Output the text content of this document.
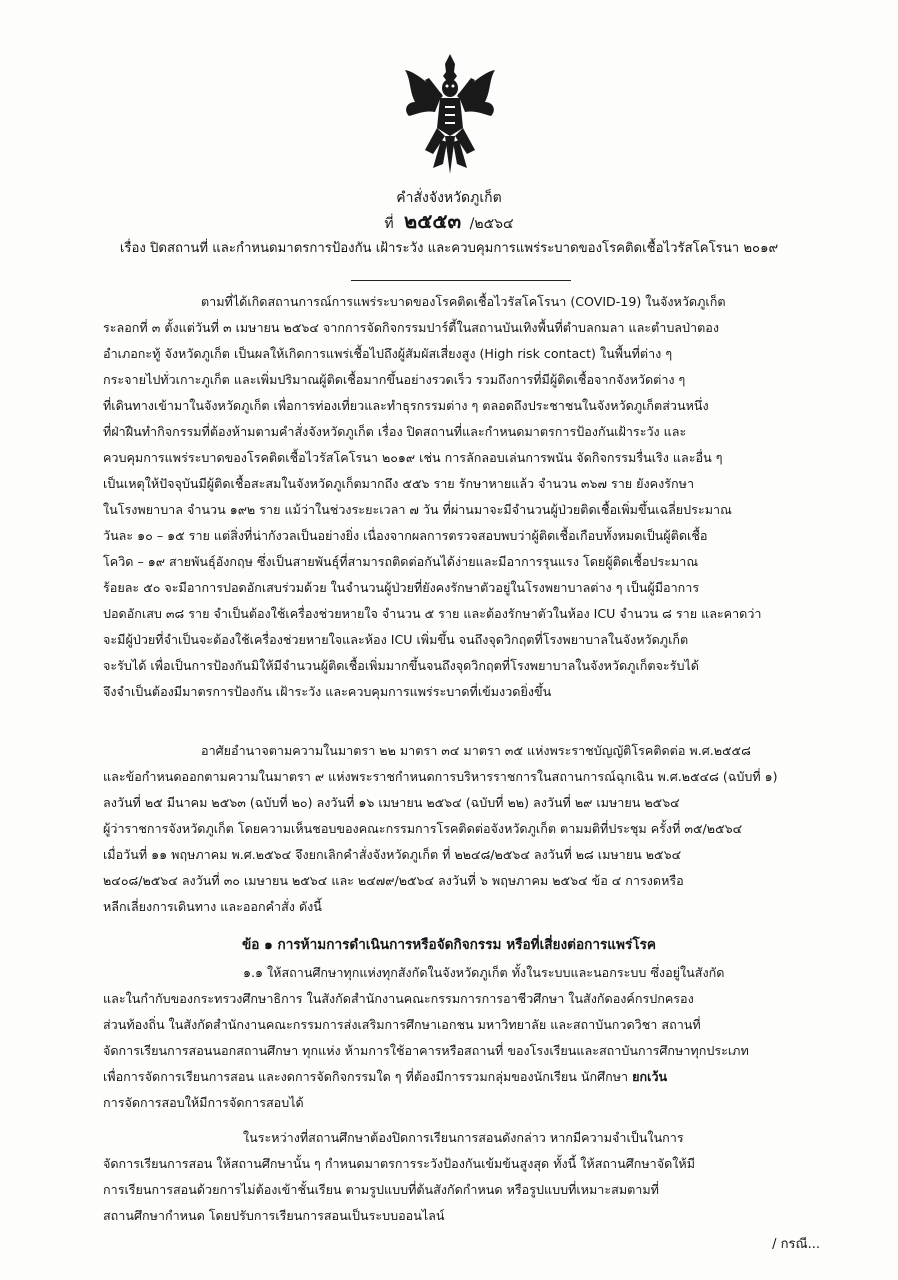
คำสั่งจังหวัดภูเก็ต
ที่ ๒๕๕๓ /๒๕๖๔
เรื่อง ปิดสถานที่ และกำหนดมาตรการป้องกัน เฝ้าระวัง และควบคุมการแพร่ระบาดของโรคติดเชื้อไวรัสโคโรนา ๒๐๑๙
ตามที่ได้เกิดสถานการณ์การแพร่ระบาดของโรคติดเชื้อไวรัสโคโรนา (COVID-19) ในจังหวัดภูเก็ต
ระลอกที่ ๓ ตั้งแต่วันที่ ๓ เมษายน ๒๕๖๔ จากการจัดกิจกรรมปาร์ตี้ในสถานบันเทิงพื้นที่ตำบลกมลา และตำบลป่าตอง
อำเภอกะทู้ จังหวัดภูเก็ต เป็นผลให้เกิดการแพร่เชื้อไปถึงผู้สัมผัสเสี่ยงสูง (High risk contact) ในพื้นที่ต่าง ๆ
กระจายไปทั่วเกาะภูเก็ต และเพิ่มปริมาณผู้ติดเชื้อมากขึ้นอย่างรวดเร็ว รวมถึงการที่มีผู้ติดเชื้อจากจังหวัดต่าง ๆ
ที่เดินทางเข้ามาในจังหวัดภูเก็ต เพื่อการท่องเที่ยวและทำธุรกรรมต่าง ๆ ตลอดถึงประชาชนในจังหวัดภูเก็ตส่วนหนึ่ง
ที่ฝ่าฝืนทำกิจกรรมที่ต้องห้ามตามคำสั่งจังหวัดภูเก็ต เรื่อง ปิดสถานที่และกำหนดมาตรการป้องกันเฝ้าระวัง และ
ควบคุมการแพร่ระบาดของโรคติดเชื้อไวรัสโคโรนา ๒๐๑๙ เช่น การลักลอบเล่นการพนัน จัดกิจกรรมรื่นเริง และอื่น ๆ
เป็นเหตุให้ปัจจุบันมีผู้ติดเชื้อสะสมในจังหวัดภูเก็ตมากถึง ๕๕๖ ราย รักษาหายแล้ว จำนวน ๓๖๗ ราย ยังคงรักษา
ในโรงพยาบาล จำนวน ๑๙๒ ราย แม้ว่าในช่วงระยะเวลา ๗ วัน ที่ผ่านมาจะมีจำนวนผู้ป่วยติดเชื้อเพิ่มขึ้นเฉลี่ยประมาณ
วันละ ๑๐ – ๑๕ ราย แต่สิ่งที่น่ากังวลเป็นอย่างยิ่ง เนื่องจากผลการตรวจสอบพบว่าผู้ติดเชื้อเกือบทั้งหมดเป็นผู้ติดเชื้อ
โควิด – ๑๙ สายพันธุ์อังกฤษ ซึ่งเป็นสายพันธุ์ที่สามารถติดต่อกันได้ง่ายและมีอาการรุนแรง โดยผู้ติดเชื้อประมาณ
ร้อยละ ๕๐ จะมีอาการปอดอักเสบร่วมด้วย ในจำนวนผู้ป่วยที่ยังคงรักษาตัวอยู่ในโรงพยาบาลต่าง ๆ เป็นผู้มีอาการ
ปอดอักเสบ ๓๘ ราย จำเป็นต้องใช้เครื่องช่วยหายใจ จำนวน ๕ ราย และต้องรักษาตัวในห้อง ICU จำนวน ๘ ราย และคาดว่า
จะมีผู้ป่วยที่จำเป็นจะต้องใช้เครื่องช่วยหายใจและห้อง ICU เพิ่มขึ้น จนถึงจุดวิกฤตที่โรงพยาบาลในจังหวัดภูเก็ต
จะรับได้ เพื่อเป็นการป้องกันมิให้มีจำนวนผู้ติดเชื้อเพิ่มมากขึ้นจนถึงจุดวิกฤตที่โรงพยาบาลในจังหวัดภูเก็ตจะรับได้
จึงจำเป็นต้องมีมาตรการป้องกัน เฝ้าระวัง และควบคุมการแพร่ระบาดที่เข้มงวดยิ่งขึ้น
อาศัยอำนาจตามความในมาตรา ๒๒ มาตรา ๓๔ มาตรา ๓๕ แห่งพระราชบัญญัติโรคติดต่อ พ.ศ.๒๕๕๘
และข้อกำหนดออกตามความในมาตรา ๙ แห่งพระราชกำหนดการบริหารราชการในสถานการณ์ฉุกเฉิน พ.ศ.๒๕๔๘ (ฉบับที่ ๑)
ลงวันที่ ๒๕ มีนาคม ๒๕๖๓ (ฉบับที่ ๒๐) ลงวันที่ ๑๖ เมษายน ๒๕๖๔ (ฉบับที่ ๒๒) ลงวันที่ ๒๙ เมษายน ๒๕๖๔
ผู้ว่าราชการจังหวัดภูเก็ต โดยความเห็นชอบของคณะกรรมการโรคติดต่อจังหวัดภูเก็ต ตามมติที่ประชุม ครั้งที่ ๓๕/๒๕๖๔
เมื่อวันที่ ๑๑ พฤษภาคม พ.ศ.๒๕๖๔ จึงยกเลิกคำสั่งจังหวัดภูเก็ต ที่ ๒๒๔๘/๒๕๖๔ ลงวันที่ ๒๘ เมษายน ๒๕๖๔
๒๔๐๘/๒๕๖๔ ลงวันที่ ๓๐ เมษายน ๒๕๖๔ และ ๒๔๗๙/๒๕๖๔ ลงวันที่ ๖ พฤษภาคม ๒๕๖๔ ข้อ ๔ การงดหรือ
หลีกเลี่ยงการเดินทาง และออกคำสั่ง ดังนี้
ข้อ ๑ การห้ามการดำเนินการหรือจัดกิจกรรม หรือที่เสี่ยงต่อการแพร่โรค
๑.๑ ให้สถานศึกษาทุกแห่งทุกสังกัดในจังหวัดภูเก็ต ทั้งในระบบและนอกระบบ ซึ่งอยู่ในสังกัด
และในกำกับของกระทรวงศึกษาธิการ ในสังกัดสำนักงานคณะกรรมการการอาชีวศึกษา ในสังกัดองค์กรปกครอง
ส่วนท้องถิ่น ในสังกัดสำนักงานคณะกรรมการส่งเสริมการศึกษาเอกชน มหาวิทยาลัย และสถาบันกวดวิชา สถานที่
จัดการเรียนการสอนนอกสถานศึกษา ทุกแห่ง ห้ามการใช้อาคารหรือสถานที่ ของโรงเรียนและสถาบันการศึกษาทุกประเภท
เพื่อการจัดการเรียนการสอน และงดการจัดกิจกรรมใด ๆ ที่ต้องมีการรวมกลุ่มของนักเรียน นักศึกษา ยกเว้น
การจัดการสอบให้มีการจัดการสอบได้
ในระหว่างที่สถานศึกษาต้องปิดการเรียนการสอนดังกล่าว หากมีความจำเป็นในการ
จัดการเรียนการสอน ให้สถานศึกษานั้น ๆ กำหนดมาตรการระวังป้องกันเข้มข้นสูงสุด ทั้งนี้ ให้สถานศึกษาจัดให้มี
การเรียนการสอนด้วยการไม่ต้องเข้าชั้นเรียน ตามรูปแบบที่ต้นสังกัดกำหนด หรือรูปแบบที่เหมาะสมตามที่
สถานศึกษากำหนด โดยปรับการเรียนการสอนเป็นระบบออนไลน์
/ กรณี...
